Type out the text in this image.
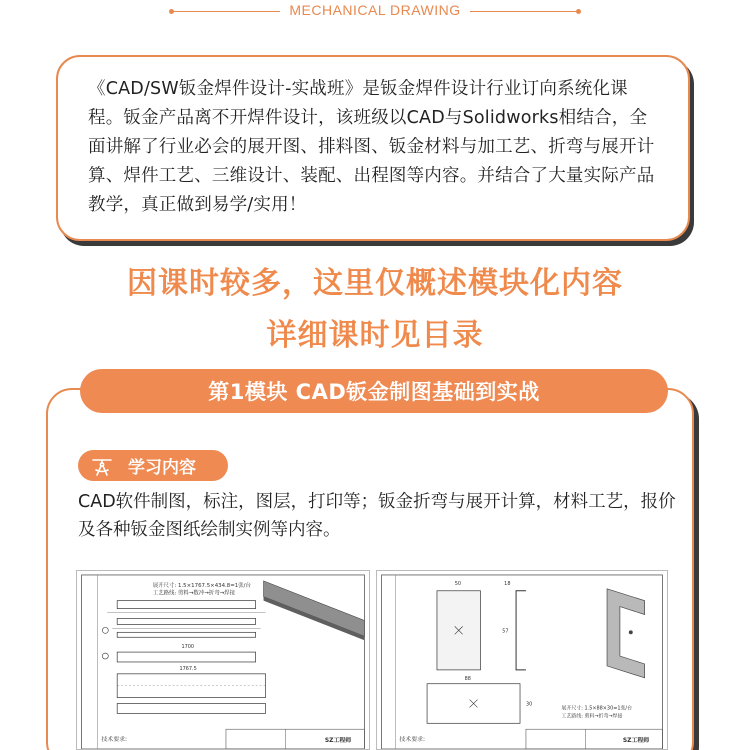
MECHANICAL DRAWING

《CAD/SW钣金焊件设计-实战班》是钣金焊件设计行业订向系统化课程。钣金产品离不开焊件设计，该班级以CAD与Solidworks相结合，全面讲解了行业必会的展开图、排料图、钣金材料与加工艺、折弯与展开计算、焊件工艺、三维设计、装配、出程图等内容。并结合了大量实际产品教学，真正做到易学/实用！

因课时较多，这里仅概述模块化内容
详细课时见目录
第1模块 CAD钣金制图基础到实战
学习内容

CAD软件制图，标注，图层，打印等；钣金折弯与展开计算，材料工艺，报价及各种钣金图纸绘制实例等内容。

展开尺寸: 1.5×1767.5×434.8=1张/台
工艺路线: 剪料→数冲→折弯→焊接
1700
1767.5
技术要求:	SZ工程师
50	18
57
88
30
展开尺寸: 1.5×88×30=1张/台
工艺路线: 剪料→折弯→焊接
技术要求:	SZ工程师
